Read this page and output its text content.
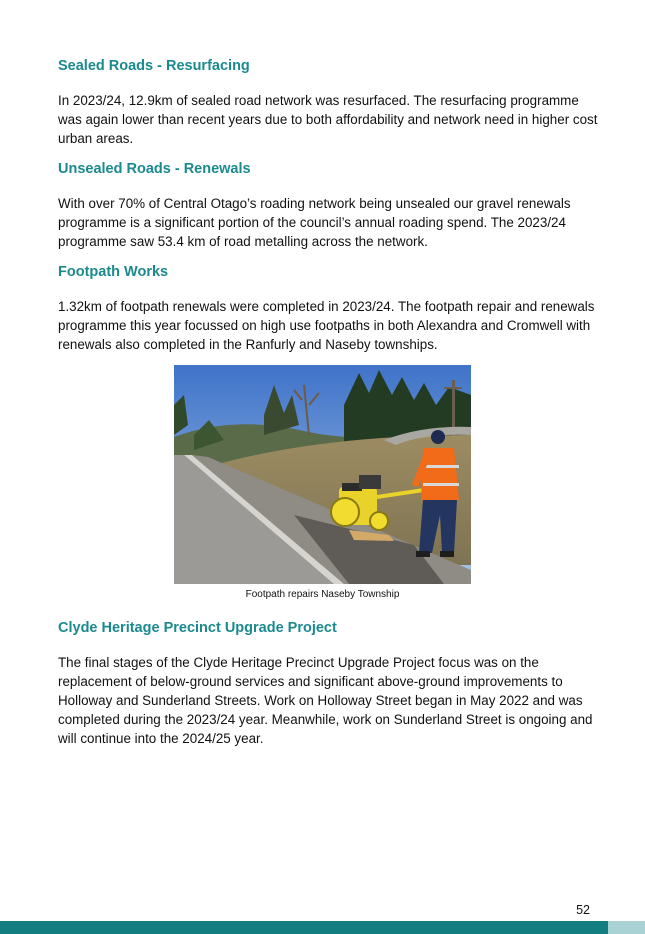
Sealed Roads - Resurfacing

In 2023/24, 12.9km of sealed road network was resurfaced. The resurfacing programme was again lower than recent years due to both affordability and network need in higher cost urban areas.

Unsealed Roads - Renewals

With over 70% of Central Otago’s roading network being unsealed our gravel renewals programme is a significant portion of the council’s annual roading spend. The 2023/24 programme saw 53.4 km of road metalling across the network.

Footpath Works

1.32km of footpath renewals were completed in 2023/24. The footpath repair and renewals programme this year focussed on high use footpaths in both Alexandra and Cromwell with renewals also completed in the Ranfurly and Naseby townships.

Footpath repairs Naseby Township
Clyde Heritage Precinct Upgrade Project

The final stages of the Clyde Heritage Precinct Upgrade Project focus was on the replacement of below-ground services and significant above-ground improvements to Holloway and Sunderland Streets. Work on Holloway Street began in May 2022 and was completed during the 2023/24 year. Meanwhile, work on Sunderland Street is ongoing and will continue into the 2024/25 year.

52
